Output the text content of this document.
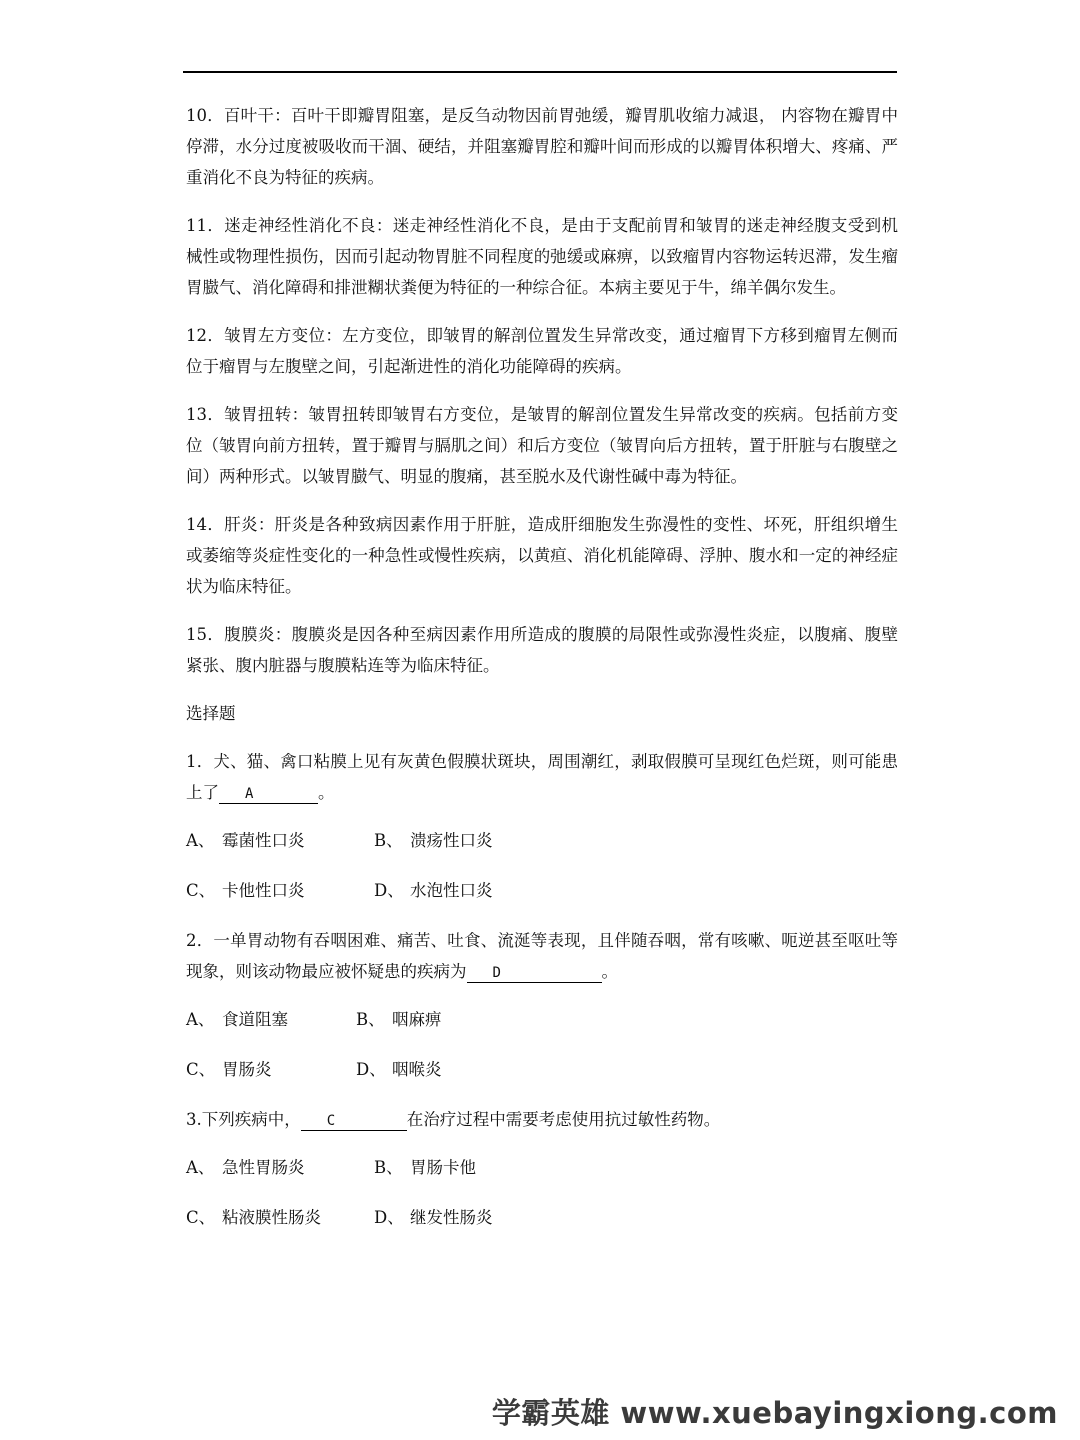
10．百叶干：百叶干即瓣胃阻塞，是反刍动物因前胃弛缓，瓣胃肌收缩力减退， 内容物在瓣胃中停滞，水分过度被吸收而干涸、硬结，并阻塞瓣胃腔和瓣叶间而形成的以瓣胃体积增大、疼痛、严重消化不良为特征的疾病。

11．迷走神经性消化不良：迷走神经性消化不良，是由于支配前胃和皱胃的迷走神经腹支受到机械性或物理性损伤，因而引起动物胃脏不同程度的弛缓或麻痹，以致瘤胃内容物运转迟滞，发生瘤胃臌气、消化障碍和排泄糊状粪便为特征的一种综合征。本病主要见于牛，绵羊偶尔发生。

12．皱胃左方变位：左方变位，即皱胃的解剖位置发生异常改变，通过瘤胃下方移到瘤胃左侧而位于瘤胃与左腹壁之间，引起渐进性的消化功能障碍的疾病。

13．皱胃扭转：皱胃扭转即皱胃右方变位，是皱胃的解剖位置发生异常改变的疾病。包括前方变位（皱胃向前方扭转，置于瓣胃与膈肌之间）和后方变位（皱胃向后方扭转，置于肝脏与右腹壁之间）两种形式。以皱胃臌气、明显的腹痛，甚至脱水及代谢性碱中毒为特征。

14．肝炎：肝炎是各种致病因素作用于肝脏，造成肝细胞发生弥漫性的变性、坏死，肝组织增生或萎缩等炎症性变化的一种急性或慢性疾病，以黄疸、消化机能障碍、浮肿、腹水和一定的神经症状为临床特征。

15．腹膜炎：腹膜炎是因各种至病因素作用所造成的腹膜的局限性或弥漫性炎症，以腹痛、腹壁紧张、腹内脏器与腹膜粘连等为临床特征。

选择题

1．犬、猫、禽口粘膜上见有灰黄色假膜状斑块，周围潮红，剥取假膜可呈现红色烂斑，则可能患上了 A	。

A、 霉菌性口炎	B、 溃疡性口炎
C、 卡他性口炎	D、 水泡性口炎

2．一单胃动物有吞咽困难、痛苦、吐食、流涎等表现，且伴随吞咽，常有咳嗽、呃逆甚至呕吐等现象，则该动物最应被怀疑患的疾病为 D	。

A、 食道阻塞	B、 咽麻痹
C、 胃肠炎	D、 咽喉炎

3.下列疾病中， C	在治疗过程中需要考虑使用抗过敏性药物。

A、 急性胃肠炎	B、 胃肠卡他
C、 粘液膜性肠炎	D、 继发性肠炎
学霸英雄 www.xuebayingxiong.com
